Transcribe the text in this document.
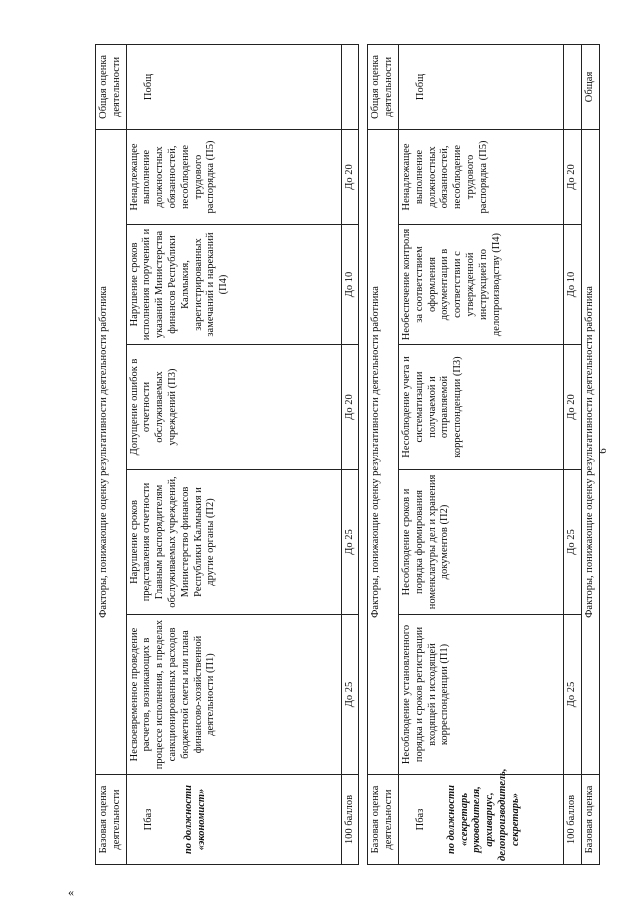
«
6
Базовая оценка деятельности	Факторы, понижающие оценку результативности деятельности работника					Общая оценка деятельности

Пбаз по должности «экономист»	Несвоевременное проведение расчетов, возникающих в процессе исполнения, в пределах санкционированных расходов бюджетной сметы или плана финансово-хозяйственной деятельности (П1)	Нарушение сроков представления отчетности Главным распорядителям обслуживаемых учреждений, Министерство финансов Республики Калмыкия и другие органы (П2)	Допущение ошибок в отчетности обслуживаемых учреждений (П3)	Нарушение сроков исполнения поручений и указаний Министерства финансов Республики Калмыкия, зарегистрированных замечаний и нареканий (П4)	Ненадлежащее выполнение должностных обязанностей, несоблюдение трудового распорядка (П5)	Побщ

100 баллов	До 25	До 25	До 20	До 10	До 20	
Базовая оценка деятельности	Факторы, понижающие оценку результативности деятельности работника					Общая оценка деятельности

Пбаз по должности «секретарь руководителя, архивариус, делопроизводитель, секретарь»	Несоблюдение установленного порядка и сроков регистрации входящей и исходящей корреспонденции (П1)	Несоблюдение сроков и порядка формирования номенклатуры дел и хранения документов (П2)	Несоблюдение учета и систематизации получаемой и отправляемой корреспонденции (П3)	Необеспечение контроля за соответствием оформления документации в соответствии с утвержденной инструкцией по делопроизводству (П4)	Ненадлежащее выполнение должностных обязанностей, несоблюдение трудового распорядка (П5)	Побщ

100 баллов	До 25	До 25	До 20	До 10	До 20	
Базовая оценка	Факторы, понижающие оценку результативности деятельности работника					Общая
